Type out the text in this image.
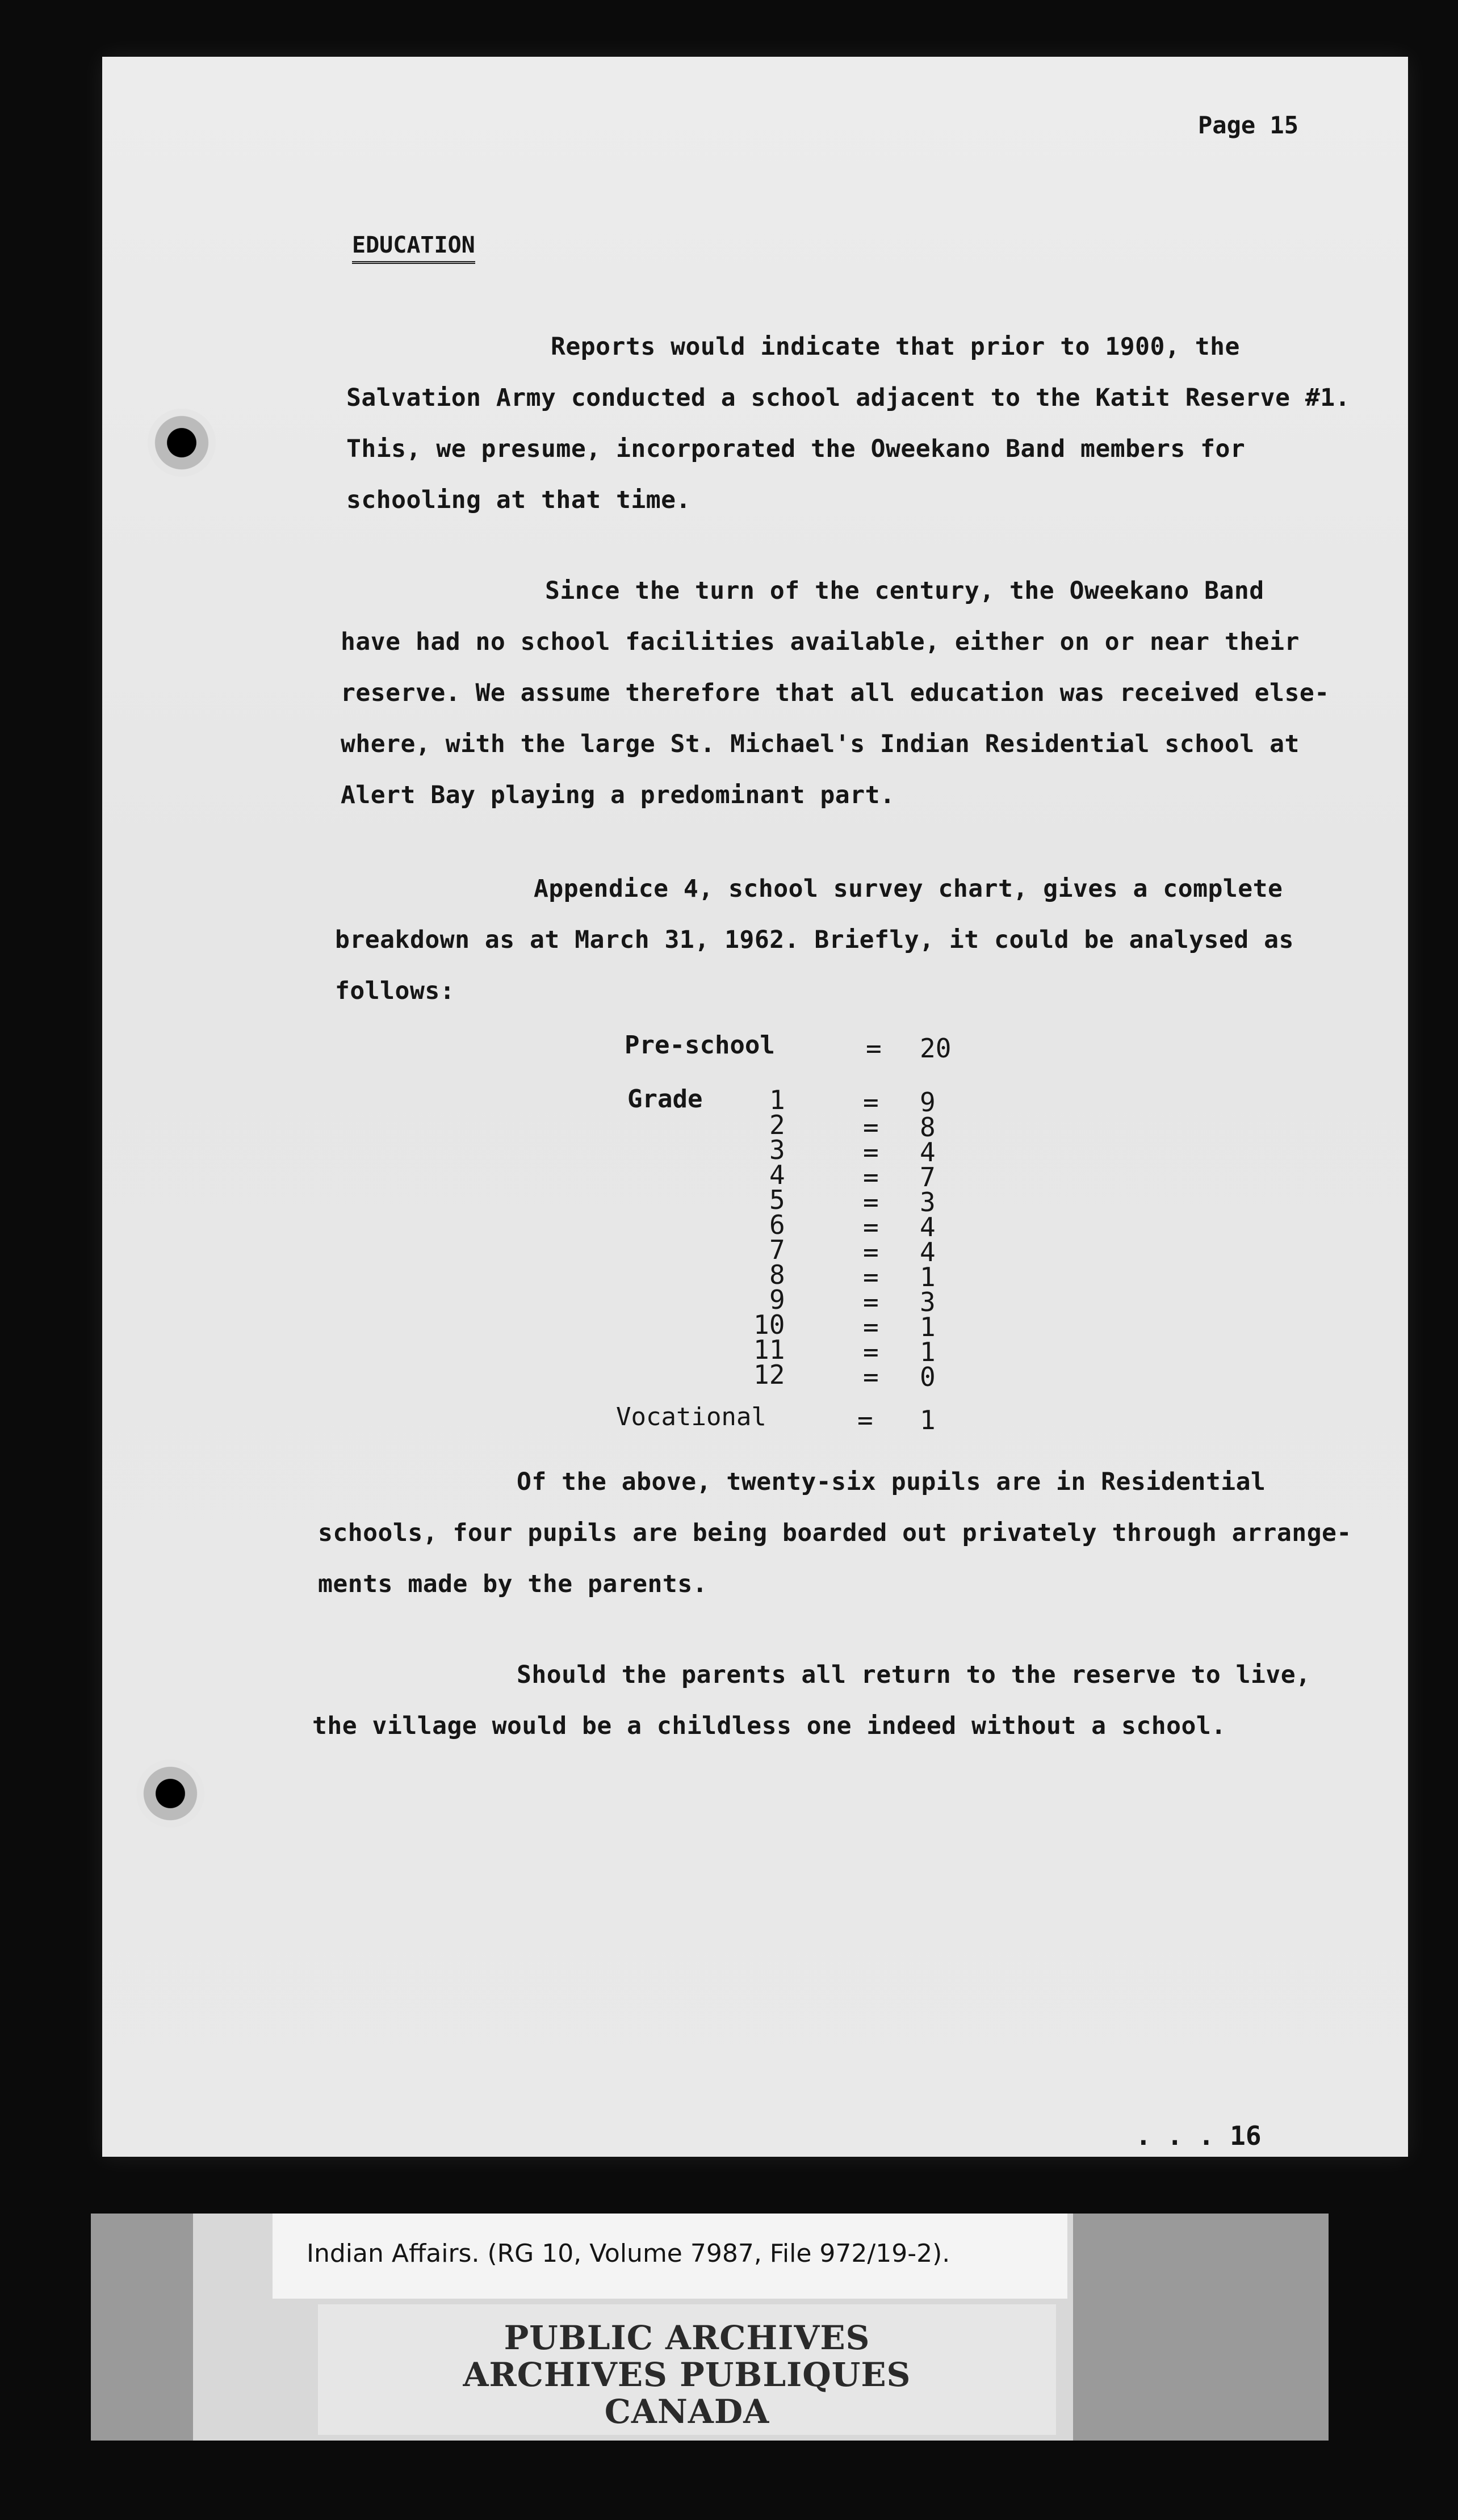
Page 15
EDUCATION
Reports would indicate that prior to 1900, the
Salvation Army conducted a school adjacent to the Katit Reserve #1.
This, we presume, incorporated the Oweekano Band members for
schooling at that time.
Since the turn of the century, the Oweekano Band
have had no school facilities available, either on or near their
reserve. We assume therefore that all education was received else-
where, with the large St. Michael's Indian Residential school at
Alert Bay playing a predominant part.
Appendice 4, school survey chart, gives a complete
breakdown as at March 31, 1962. Briefly, it could be analysed as
follows:
Pre-school	= 20
Grade	1	= 9
2	= 8
3	= 4
4	= 7
5	= 3
6	= 4
7	= 4
8	= 1
9	= 3
10	= 1
11	= 1
12	= 0
Vocational	= 1
Of the above, twenty-six pupils are in Residential
schools, four pupils are being boarded out privately through arrange-
ments made by the parents.
Should the parents all return to the reserve to live,
the village would be a childless one indeed without a school.
. . . 16
Indian Affairs. (RG 10, Volume 7987, File 972/19-2).
PUBLIC ARCHIVES
ARCHIVES PUBLIQUES
CANADA
